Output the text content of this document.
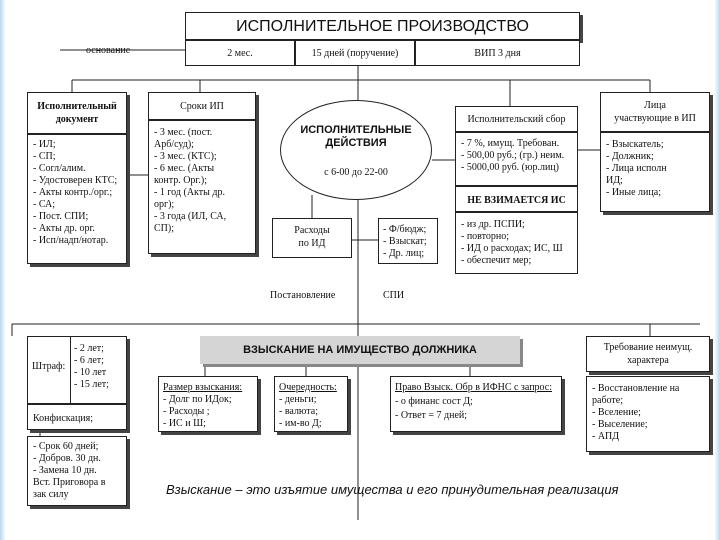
ИСПОЛНИТЕЛЬНОЕ ПРОИЗВОДСТВО
основание	2 мес.	15 дней (поручение)	ВИП 3 дня
Исполнительный
документ
- ИЛ;
- СП;
- Согл/алим.
- Удостоверен КТС;
- Акты контр./орг.;
- СА;
- Пост. СПИ;
- Акты др. орг.
- Исп/надп/нотар.
Сроки ИП
- 3 мес. (пост.
Арб/суд);
- 3 мес. (КТС);
- 6 мес. (Акты
контр. Орг.);
- 1 год (Акты др.
орг);
- 3 года (ИЛ, СА,
СП);
ИСПОЛНИТЕЛЬНЫЕ
ДЕЙСТВИЯ
с 6-00 до 22-00
Исполнительский сбор
- 7 %, имущ. Требован.
- 500,00 руб.; (гр.) неим.
- 5000,00 руб. (юр.лиц)
НЕ ВЗИМАЕТСЯ ИС
- из др. ПСПИ;
- повторно;
- ИД о расходах; ИС, Ш
- обеспечит мер;
Лица
участвующие в ИП
- Взыскатель;
- Должник;
- Лица исполн
ИД;
- Иные лица;
Расходы
по ИД
- Ф/бюдж;
- Взыскат;
- Др. лиц;
Постановление	СПИ
Штраф:
- 2 лет;
- 6 лет;
- 10 лет
- 15 лет;
Конфискация;
- Срок 60 дней;
- Добров. 30 дн.
- Замена 10 дн.
Вст. Приговора в
зак силу
ВЗЫСКАНИЕ НА ИМУЩЕСТВО ДОЛЖНИКА
Размер взыскания:
- Долг по ИДок;
- Расходы ;
- ИС и Ш;
Очередность:
- деньги;
- валюта;
- им-во Д;
Право Взыск. Обр в ИФНС с запрос:
- о финанс сост Д;
- Ответ = 7 дней;
Требование неимущ.
характера
- Восстановление на
работе;
- Вселение;
- Выселение;
- АПД
Взыскание – это изъятие имущества и его принудительная реализация
